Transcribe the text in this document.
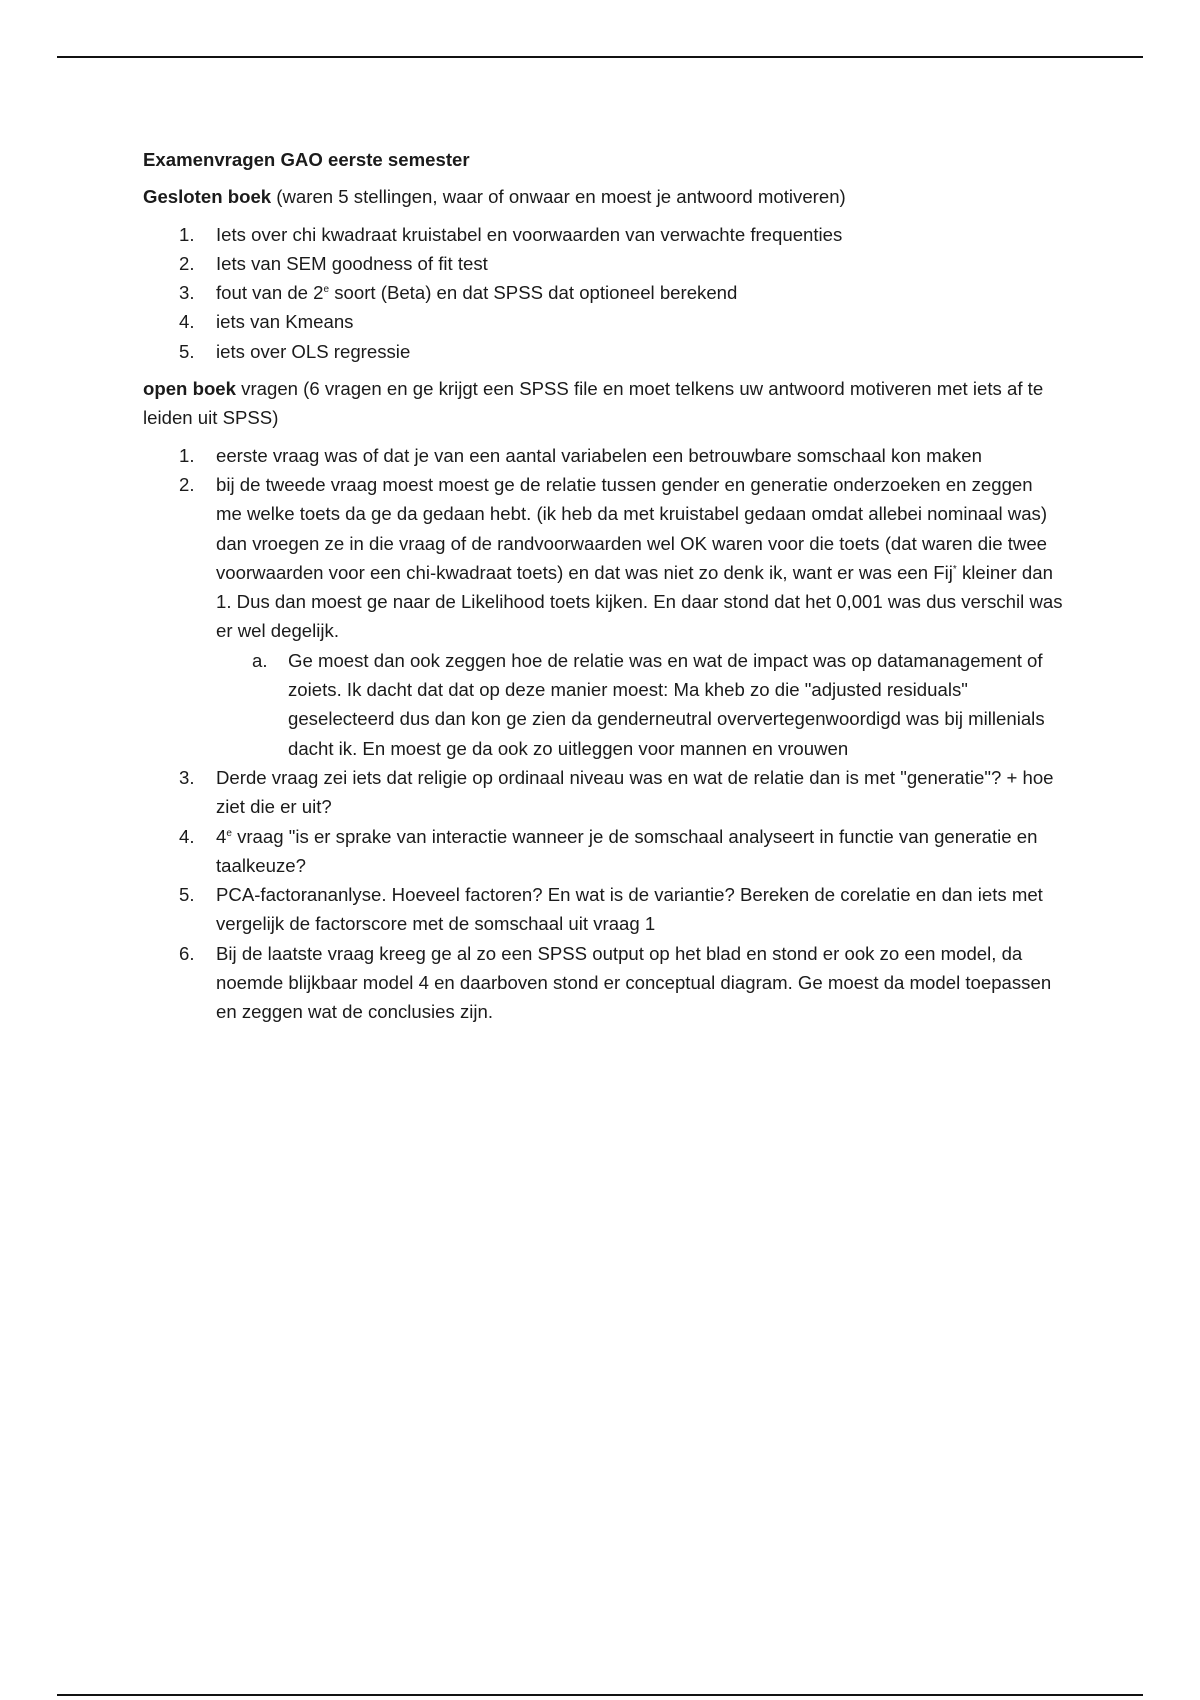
Examenvragen GAO eerste semester

Gesloten boek (waren 5 stellingen, waar of onwaar en moest je antwoord motiveren)

1. Iets over chi kwadraat kruistabel en voorwaarden van verwachte frequenties
2. Iets van SEM goodness of fit test
3. fout van de 2e soort (Beta) en dat SPSS dat optioneel berekend
4. iets van Kmeans
5. iets over OLS regressie

open boek vragen (6 vragen en ge krijgt een SPSS file en moet telkens uw antwoord motiveren met iets af te leiden uit SPSS)

1. eerste vraag was of dat je van een aantal variabelen een betrouwbare somschaal kon maken
2. bij de tweede vraag moest moest ge de relatie tussen gender en generatie onderzoeken en zeggen me welke toets da ge da gedaan hebt. (ik heb da met kruistabel gedaan omdat allebei nominaal was) dan vroegen ze in die vraag of de randvoorwaarden wel OK waren voor die toets (dat waren die twee voorwaarden voor een chi-kwadraat toets) en dat was niet zo denk ik, want er was een Fij* kleiner dan 1. Dus dan moest ge naar de Likelihood toets kijken. En daar stond dat het 0,001 was dus verschil was er wel degelijk.
a. Ge moest dan ook zeggen hoe de relatie was en wat de impact was op datamanagement of zoiets. Ik dacht dat dat op deze manier moest: Ma kheb zo die "adjusted residuals" geselecteerd dus dan kon ge zien da genderneutral oververtegenwoordigd was bij millenials dacht ik. En moest ge da ook zo uitleggen voor mannen en vrouwen
3. Derde vraag zei iets dat religie op ordinaal niveau was en wat de relatie dan is met "generatie"? + hoe ziet die er uit?
4. 4e vraag "is er sprake van interactie wanneer je de somschaal analyseert in functie van generatie en taalkeuze?
5. PCA-factorananlyse. Hoeveel factoren? En wat is de variantie? Bereken de corelatie en dan iets met vergelijk de factorscore met de somschaal uit vraag 1
6. Bij de laatste vraag kreeg ge al zo een SPSS output op het blad en stond er ook zo een model, da noemde blijkbaar model 4 en daarboven stond er conceptual diagram. Ge moest da model toepassen en zeggen wat de conclusies zijn.
